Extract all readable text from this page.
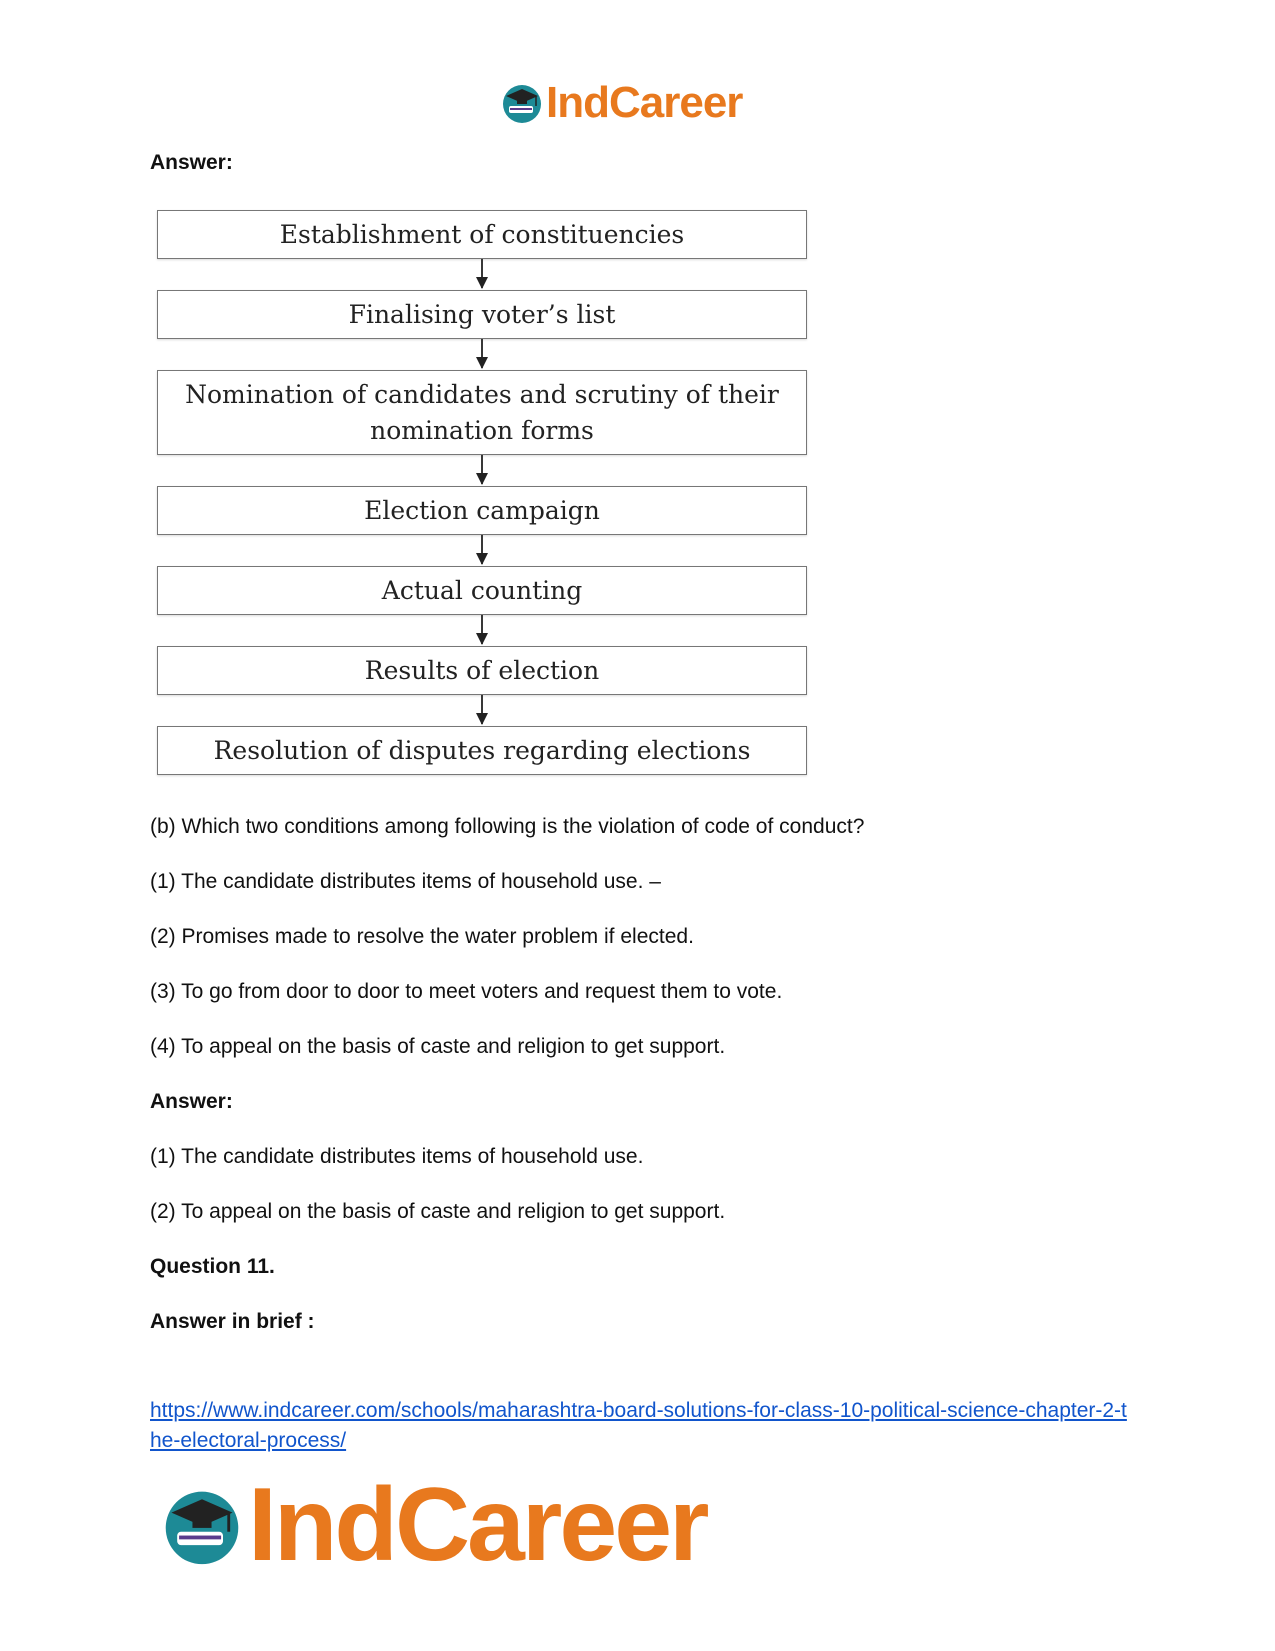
IndCareer
Answer:
Establishment of constituencies
Finalising voter’s list
Nomination of candidates and scrutiny of their nomination forms
Election campaign
Actual counting
Results of election
Resolution of disputes regarding elections
(b) Which two conditions among following is the violation of code of conduct?
(1) The candidate distributes items of household use. –
(2) Promises made to resolve the water problem if elected.
(3) To go from door to door to meet voters and request them to vote.
(4) To appeal on the basis of caste and religion to get support.
Answer:
(1) The candidate distributes items of household use.
(2) To appeal on the basis of caste and religion to get support.
Question 11.
Answer in brief :
https://www.indcareer.com/schools/maharashtra-board-solutions-for-class-10-political-science-chapter-2-the-electoral-process/
IndCareer
